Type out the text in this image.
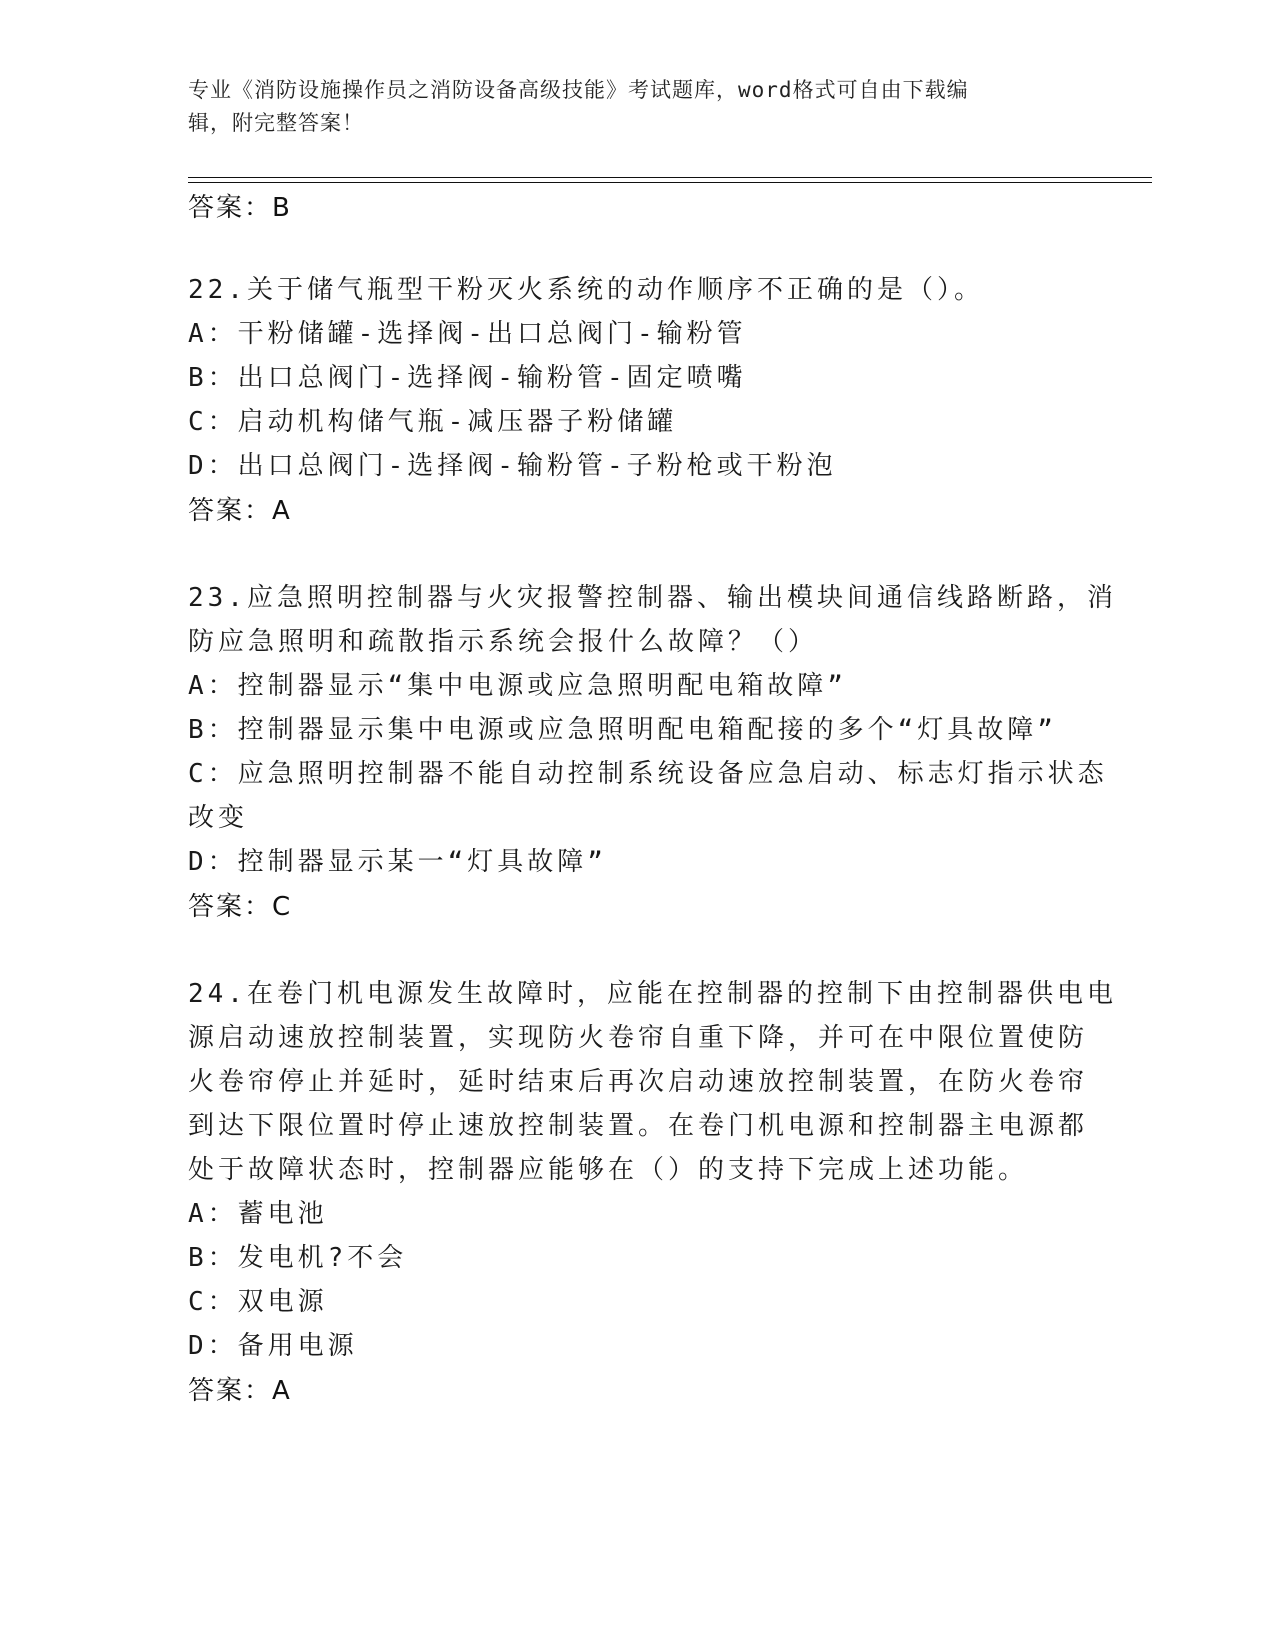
专业《消防设施操作员之消防设备高级技能》考试题库，word格式可自由下载编
辑，附完整答案！
答案：B
22.关于储气瓶型干粉灭火系统的动作顺序不正确的是（）。
A：干粉储罐-选择阀-出口总阀门-输粉管
B：出口总阀门-选择阀-输粉管-固定喷嘴
C：启动机构储气瓶-减压器子粉储罐
D：出口总阀门-选择阀-输粉管-子粉枪或干粉泡
答案：A
23.应急照明控制器与火灾报警控制器、输出模块间通信线路断路，消
防应急照明和疏散指示系统会报什么故障？（）
A：控制器显示“集中电源或应急照明配电箱故障”
B：控制器显示集中电源或应急照明配电箱配接的多个“灯具故障”
C：应急照明控制器不能自动控制系统设备应急启动、标志灯指示状态
改变
D：控制器显示某一“灯具故障”
答案：C
24.在卷门机电源发生故障时，应能在控制器的控制下由控制器供电电
源启动速放控制装置，实现防火卷帘自重下降，并可在中限位置使防
火卷帘停止并延时，延时结束后再次启动速放控制装置，在防火卷帘
到达下限位置时停止速放控制装置。在卷门机电源和控制器主电源都
处于故障状态时，控制器应能够在（）的支持下完成上述功能。
A：蓄电池
B：发电机?不会
C：双电源
D：备用电源
答案：A
